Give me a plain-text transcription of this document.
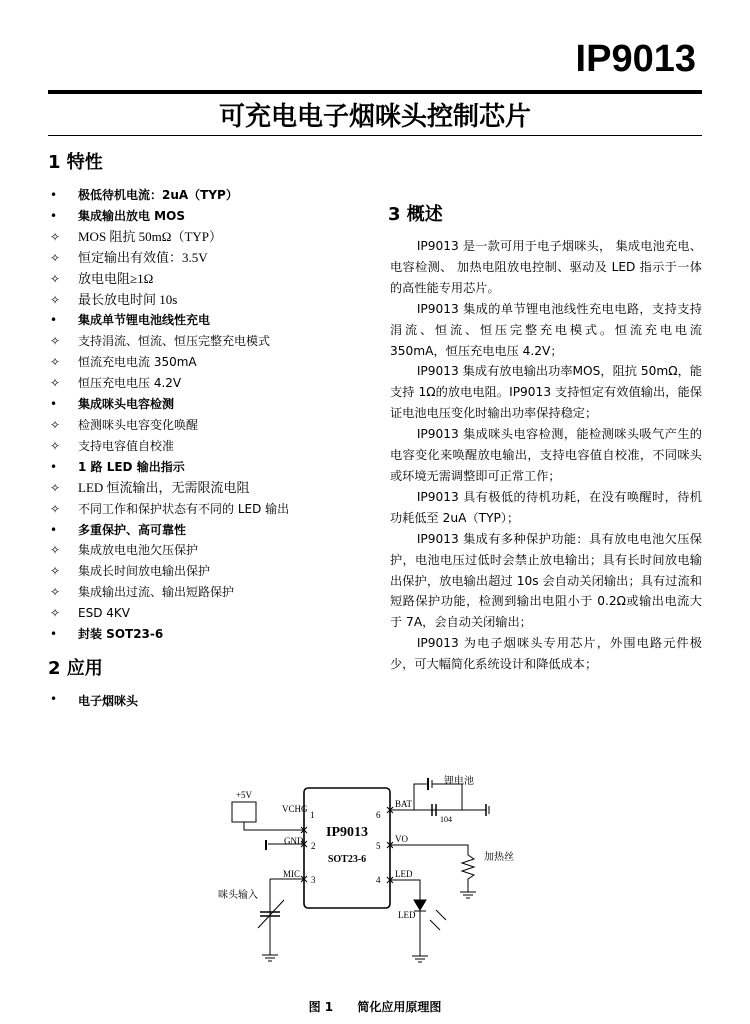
IP9013
可充电电子烟咪头控制芯片
1 特性
•	极低待机电流：2uA（TYP）
•	集成输出放电 MOS
✧	MOS 阻抗 50mΩ（TYP）
✧	恒定输出有效值：3.5V
✧	放电电阻≥1Ω
✧	最长放电时间 10s
•	集成单节锂电池线性充电
✧	支持涓流、恒流、恒压完整充电模式
✧	恒流充电电流 350mA
✧	恒压充电电压 4.2V
•	集成咪头电容检测
✧	检测咪头电容变化唤醒
✧	支持电容值自校准
•	1 路 LED 输出指示
✧	LED 恒流输出，无需限流电阻
✧	不同工作和保护状态有不同的 LED 输出
•	多重保护、高可靠性
✧	集成放电电池欠压保护
✧	集成长时间放电输出保护
✧	集成输出过流、输出短路保护
✧	ESD 4KV
•	封装 SOT23-6
2 应用
•	电子烟咪头
3 概述

IP9013 是一款可用于电子烟咪头， 集成电池充电、 电容检测、 加热电阻放电控制、驱动及 LED 指示于一体的高性能专用芯片。

IP9013 集成的单节锂电池线性充电电路，支持支持涓流、恒流、恒压完整充电模式。恒流充电电流 350mA，恒压充电电压 4.2V；

IP9013 集成有放电输出功率MOS，阻抗 50mΩ，能支持 1Ω的放电电阻。IP9013 支持恒定有效值输出，能保证电池电压变化时输出功率保持稳定；

IP9013 集成咪头电容检测，能检测咪头吸气产生的电容变化来唤醒放电输出，支持电容值自校准，不同咪头或环境无需调整即可正常工作；

IP9013 具有极低的待机功耗，在没有唤醒时，待机功耗低至 2uA（TYP）；

IP9013 集成有多种保护功能：具有放电电池欠压保护，电池电压过低时会禁止放电输出；具有长时间放电输出保护，放电输出超过 10s 会自动关闭输出；具有过流和短路保护功能，检测到输出电阻小于 0.2Ω或输出电流大于 7A，会自动关闭输出；

IP9013 为电子烟咪头专用芯片，外围电路元件极少，可大幅简化系统设计和降低成本；

+5V
VCHG
1
GND 2
MIC
3
6
BAT
5
VO
4
LED
IP9013
SOT23-6
咪头输入
锂电池
104
加热丝
LED
图 1 简化应用原理图
